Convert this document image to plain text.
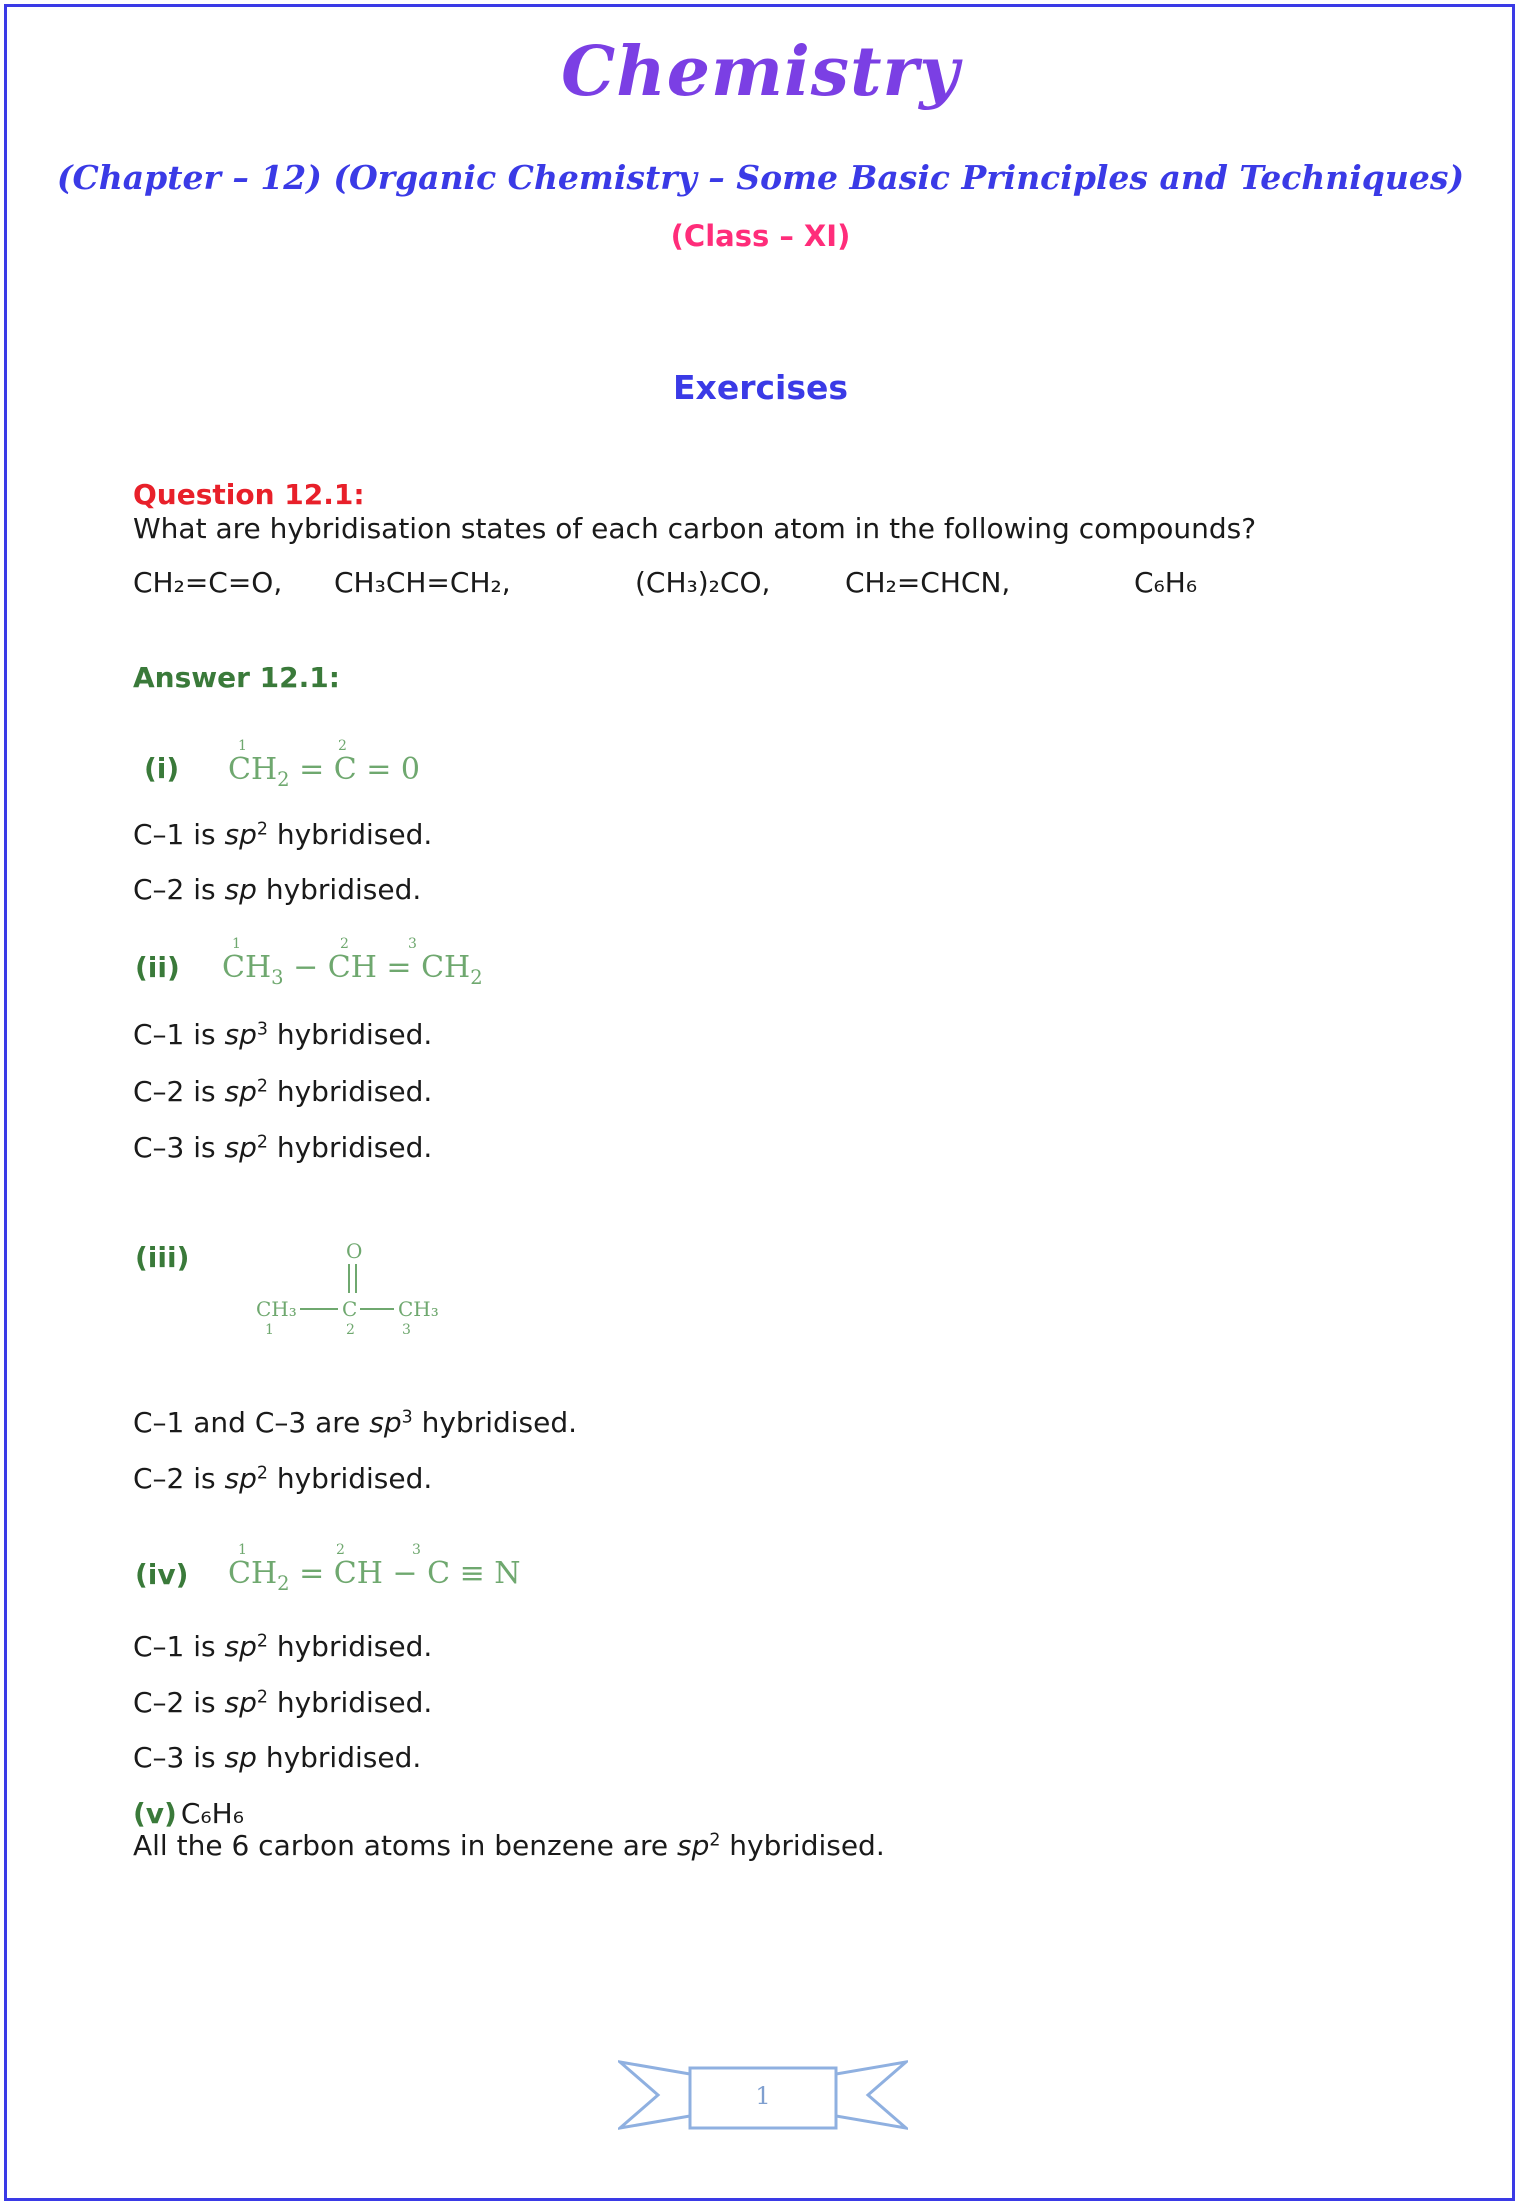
Chemistry
(Chapter – 12) (Organic Chemistry – Some Basic Principles and Techniques)
(Class – XI)
Exercises
Question 12.1:
What are hybridisation states of each carbon atom in the following compounds?
CH₂=C=O, CH₃CH=CH₂,	(CH₃)₂CO,	CH₂=CHCN,	C₆H₆
Answer 12.1:
(i)
1	2
$CH_2 = C = 0$
C–1 is $sp^2$ hybridised.
C–2 is sp hybridised.
(ii)
1	2	3
$CH_3$ − CH = $CH_2$
C–1 is $sp^3$ hybridised.
C–2 is $sp^2$ hybridised.
C–3 is $sp^2$ hybridised.
(iii)	O
CH₃ C CH₃
1	2	3
C–1 and C–3 are $sp^3$ hybridised.
C–2 is $sp^2$ hybridised.
(iv)
1	2	3
$CH_2$ = CH − C ≡ N
C–1 is $sp^2$ hybridised.
C–2 is $sp^2$ hybridised.
C–3 is sp hybridised.
(v) C₆H₆
All the 6 carbon atoms in benzene are $sp^2$ hybridised.
1
